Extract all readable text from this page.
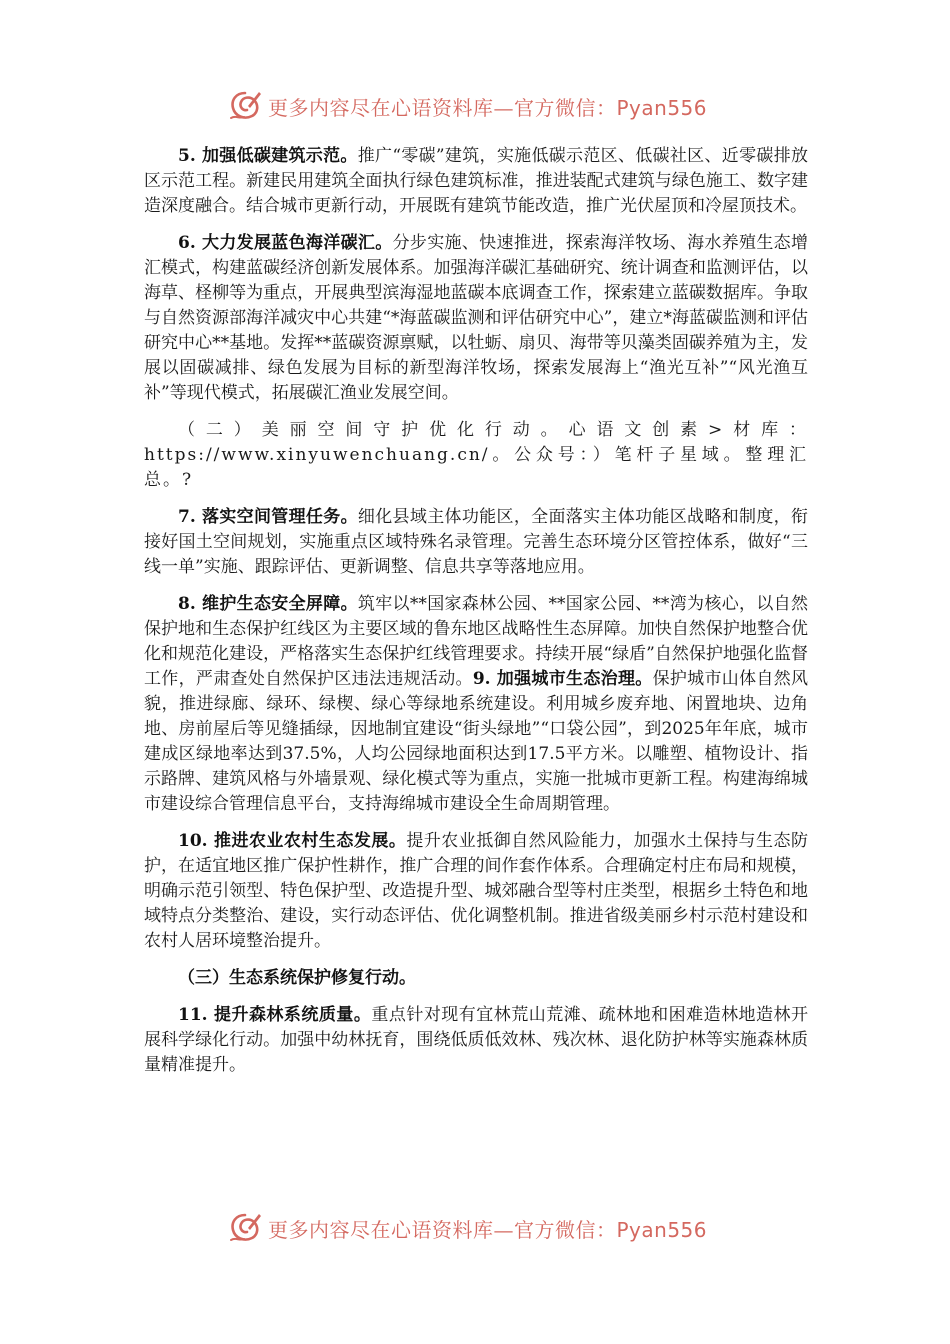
更多内容尽在心语资料库—官方微信：Pyan556

5. 加强低碳建筑示范。推广“零碳”建筑，实施低碳示范区、低碳社区、近零碳排放区示范工程。新建民用建筑全面执行绿色建筑标准，推进装配式建筑与绿色施工、数字建造深度融合。结合城市更新行动，开展既有建筑节能改造，推广光伏屋顶和冷屋顶技术。

6. 大力发展蓝色海洋碳汇。分步实施、快速推进，探索海洋牧场、海水养殖生态增汇模式，构建蓝碳经济创新发展体系。加强海洋碳汇基础研究、统计调查和监测评估，以海草、柽柳等为重点，开展典型滨海湿地蓝碳本底调查工作，探索建立蓝碳数据库。争取与自然资源部海洋减灾中心共建“*海蓝碳监测和评估研究中心”，建立*海蓝碳监测和评估研究中心**基地。发挥**蓝碳资源禀赋，以牡蛎、扇贝、海带等贝藻类固碳养殖为主，发展以固碳减排、绿色发展为目标的新型海洋牧场，探索发展海上“渔光互补”“风光渔互补”等现代模式，拓展碳汇渔业发展空间。

（二）美丽空间守护优化行动。心语文创素>材库：https://www.xinyuwenchuang.cn/。公众号：）笔杆子星域。整理汇总。?

7. 落实空间管理任务。细化县域主体功能区，全面落实主体功能区战略和制度，衔接好国土空间规划，实施重点区域特殊名录管理。完善生态环境分区管控体系，做好“三线一单”实施、跟踪评估、更新调整、信息共享等落地应用。

8. 维护生态安全屏障。筑牢以**国家森林公园、**国家公园、**湾为核心，以自然保护地和生态保护红线区为主要区域的鲁东地区战略性生态屏障。加快自然保护地整合优化和规范化建设，严格落实生态保护红线管理要求。持续开展“绿盾”自然保护地强化监督工作，严肃查处自然保护区违法违规活动。9. 加强城市生态治理。保护城市山体自然风貌，推进绿廊、绿环、绿楔、绿心等绿地系统建设。利用城乡废弃地、闲置地块、边角地、房前屋后等见缝插绿，因地制宜建设“街头绿地”“口袋公园”，到2025年年底，城市建成区绿地率达到37.5%，人均公园绿地面积达到17.5平方米。以雕塑、植物设计、指示路牌、建筑风格与外墙景观、绿化模式等为重点，实施一批城市更新工程。构建海绵城市建设综合管理信息平台，支持海绵城市建设全生命周期管理。

10. 推进农业农村生态发展。提升农业抵御自然风险能力，加强水土保持与生态防护，在适宜地区推广保护性耕作，推广合理的间作套作体系。合理确定村庄布局和规模，明确示范引领型、特色保护型、改造提升型、城郊融合型等村庄类型，根据乡土特色和地域特点分类整治、建设，实行动态评估、优化调整机制。推进省级美丽乡村示范村建设和农村人居环境整治提升。

（三）生态系统保护修复行动。

11. 提升森林系统质量。重点针对现有宜林荒山荒滩、疏林地和困难造林地造林开展科学绿化行动。加强中幼林抚育，围绕低质低效林、残次林、退化防护林等实施森林质量精准提升。

更多内容尽在心语资料库—官方微信：Pyan556
